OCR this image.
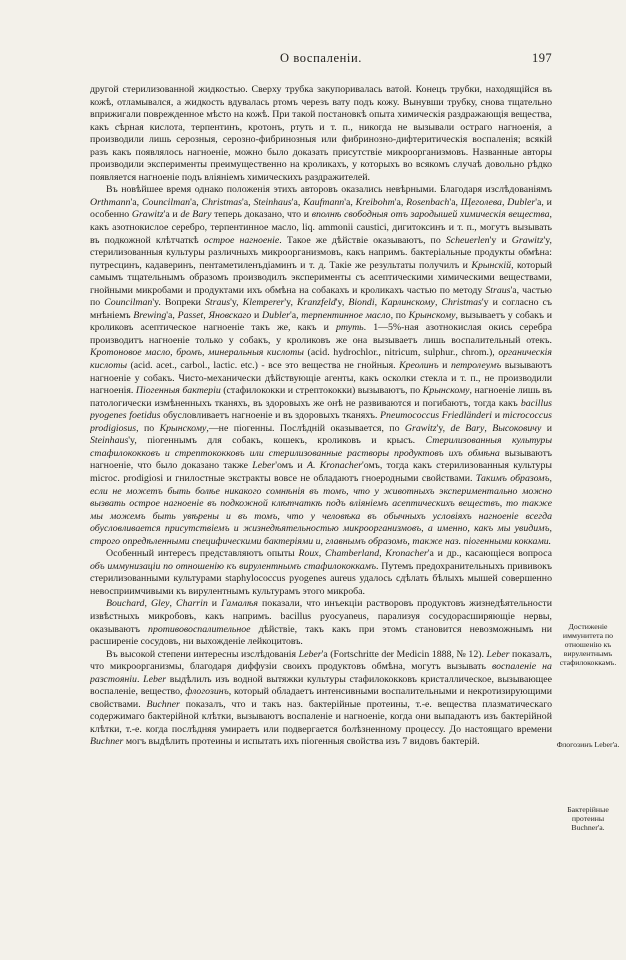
О воспаленіи.	197

другой стерилизованной жидкостью. Сверху трубка закупоривалась ватой. Конецъ трубки, находящійся въ кожѣ, отламывался, а жидкость вдувалась ртомъ черезъ вату подъ кожу. Вынувши трубку, снова тщательно вприжигали поврежденное мѣсто на кожѣ. При такой постановкѣ опыта химическія раздражающія вещества, какъ сѣрная кислота, терпентинъ, кротонъ, ртуть и т. п., никогда не вызывали остраго нагноенія, а производили лишь серозныя, серозно-фибринозныя или фибринозно-дифтеритическія воспаленія; всякій разъ какъ появлялось нагноеніе, можно было доказать присутствіе микроорганизмовъ. Названные авторы производили эксперименты преимущественно на кроликахъ, у которыхъ во всякомъ случаѣ довольно рѣдко появляется нагноеніе подъ вліяніемъ химическихъ раздражителей.

Въ новѣйшее время однако положенія этихъ авторовъ оказались невѣрными. Благодаря изслѣдованіямъ Orthmann'a, Councilman'a, Christmas'a, Steinhaus'a, Kaufmann'a, Kreibohm'a, Rosenbach'a, Щеголева, Dubler'a, и особенно Grawitz'a и de Bary теперь доказано, что и вполнѣ свободныя отъ зародышей химическія вещества, какъ азотнокислое серебро, терпентинное масло, liq. ammonii caustici, дигитоксинъ и т. п., могутъ вызывать въ подкожной клѣтчаткѣ острое нагноеніе. Такое же дѣйствіе оказываютъ, по Scheuerlen'y и Grawitz'y, стерилизованныя культуры различныхъ микроорганизмовъ, какъ напримъ. бактеріальные продукты обмѣна: путресцинъ, кадаверинъ, пентаметиленъдіаминъ и т. д. Такіе же результаты получилъ и Крынскій, который самымъ тщательнымъ образомъ производилъ эксперименты съ асептическими химическими веществами, гнойными микробами и продуктами ихъ обмѣна на собакахъ и кроликахъ частью по методу Straus'a, частью по Councilman'y. Вопреки Straus'y, Klemperer'y, Kranzfeld'y, Biondi, Карлинскому, Christmas'y и согласно съ мнѣніемъ Brewing'a, Passet, Яновскаго и Dubler'a, терпентинное масло, по Крынскому, вызываетъ у собакъ и кроликовъ асептическое нагноеніе такъ же, какъ и ртуть. 1—5%-ная азотнокислая окись серебра производитъ нагноеніе только у собакъ, у кроликовъ же она вызываетъ лишь воспалительный отекъ. Кротоновое масло, бромъ, минеральныя кислоты (acid. hydrochlor., nitricum, sulphur., chrom.), органическія кислоты (acid. acet., carbol., lactic. etc.) - все это вещества не гнойныя. Креолинъ и петролеумъ вызываютъ нагноеніе у собакъ. Чисто-механически дѣйствующіе агенты, какъ осколки стекла и т. п., не производили нагноенія. Піогенныя бактеріи (стафилококки и стрептококки) вызываютъ, по Крынскому, нагноеніе лишь въ патологически измѣненныхъ тканяхъ, въ здоровыхъ же онѣ не развиваются и погибаютъ, тогда какъ bacillus pyogenes foetidus обусловливаетъ нагноеніе и въ здоровыхъ тканяхъ. Pneumococcus Friedländeri и micrococcus prodigiosus, по Крынскому,—не піогенны. Послѣдній оказывается, по Grawitz'y, de Bary, Высоковичу и Steinhaus'y, піогеннымъ для собакъ, кошекъ, кроликовъ и крысъ. Стерилизованныя культуры стафилококковъ и стрептококковъ или стерилизованные растворы продуктовъ ихъ обмѣна вызываютъ нагноеніе, что было доказано также Leber'омъ и A. Kronacher'омъ, тогда какъ стерилизованныя культуры microc. prodigiosi и гнилостные экстракты вовсе не обладаютъ гноеродными свойствами. Такимъ образомъ, если не можетъ быть болѣе никакого сомнѣнія въ томъ, что у животныхъ экспериментально можно вызвать острое нагноеніе въ подкожной клѣтчаткѣ подъ вліяніемъ асептическихъ веществъ, то также мы можемъ быть увѣрены и въ томъ, что у человѣка въ обычныхъ условіяхъ нагноеніе всегда обусловливается присутствіемъ и жизнедѣятельностью микроорганизмовъ, а именно, какъ мы увидимъ, строго опредѣленными специфическими бактеріями и, главнымъ образомъ, также наз. піогенными кокками.

Особенный интересъ представляютъ опыты Roux, Chamberland, Kronacher'a и др., касающіеся вопроса объ иммунизаціи по отношенію къ вирулентнымъ стафилококкамъ. Путемъ предохранительныхъ прививокъ стерилизованными культурами staphylococcus pyogenes aureus удалось сдѣлать бѣлыхъ мышей совершенно невосприимчивыми къ вирулентнымъ культурамъ этого микроба.

Bouchard, Gley, Charrin и Гамалѣя показали, что инъекціи растворовъ продуктовъ жизнедѣятельности извѣстныхъ микробовъ, какъ напримъ. bacillus pyocyaneus, парализуя сосудорасширяющіе нервы, оказываютъ противовоспалительное дѣйствіе, такъ какъ при этомъ становится невозможнымъ ни расширеніе сосудовъ, ни выхожденіе лейкоцитовъ.

Въ высокой степени интересны изслѣдованія Leber'a (Fortschritte der Medicin 1888, № 12). Leber показалъ, что микроорганизмы, благодаря диффузіи своихъ продуктовъ обмѣна, могутъ вызывать воспаленіе на разстояніи. Leber выдѣлилъ изъ водной вытяжки культуры стафилококковъ кристаллическое, вызывающее воспаленіе, вещество, флогозинъ, который обладаетъ интенсивными воспалительными и некротизирующими свойствами. Buchner показалъ, что и такъ наз. бактерійные протеины, т.-е. вещества плазматическаго содержимаго бактерійной клѣтки, вызываютъ воспаленіе и нагноеніе, когда они выпадаютъ изъ бактерійной клѣтки, т.-е. когда послѣдняя умираетъ или подвергается болѣзненному процессу. До настоящаго времени Buchner могъ выдѣлить протеины и испытать ихъ піогенныя свойства изъ 7 видовъ бактерій.

Достиженіе иммунитета по отношенію къ вирулентнымъ стафилококкамъ.
Флогозинъ Leber'a.
Бактерійные протеины Buchner'a.
